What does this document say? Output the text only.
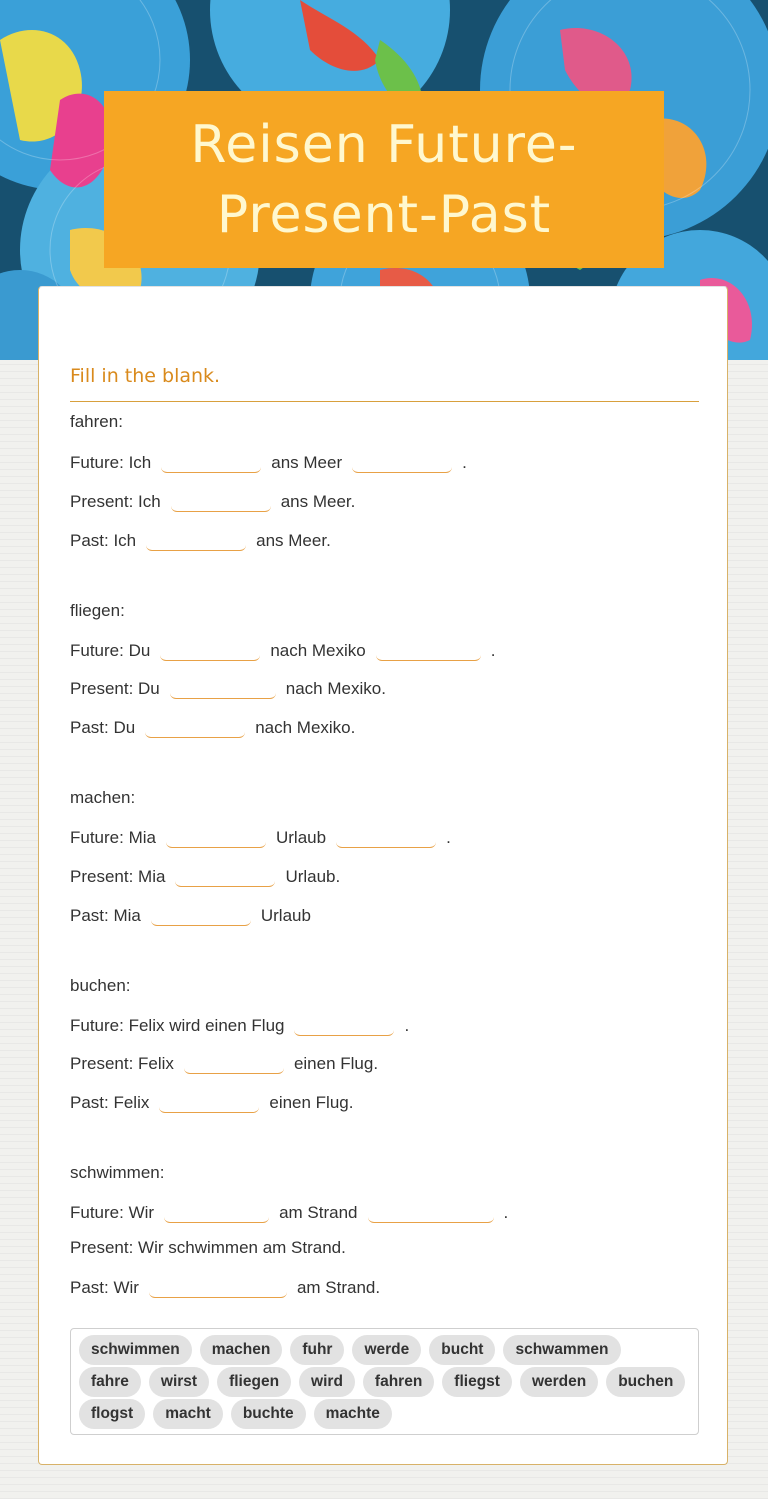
Reisen Future-Present-Past
Fill in the blank.
fahren:
Future: Ich	ans Meer	.
Present: Ich	ans Meer.
Past: Ich	ans Meer.
fliegen:
Future: Du	nach Mexiko	.
Present: Du	nach Mexiko.
Past: Du	nach Mexiko.
machen:
Future: Mia	Urlaub	.
Present: Mia	Urlaub.
Past: Mia	Urlaub
buchen:
Future: Felix wird einen Flug	.
Present: Felix	einen Flug.
Past: Felix	einen Flug.
schwimmen:
Future: Wir	am Strand	.
Present: Wir schwimmen am Strand.
Past: Wir	am Strand.
schwimmen	machen	fuhr	werde	bucht	schwammen
fahre	wirst	fliegen	wird	fahren	fliegst	werden	buchen
flogst	macht	buchte	machte
